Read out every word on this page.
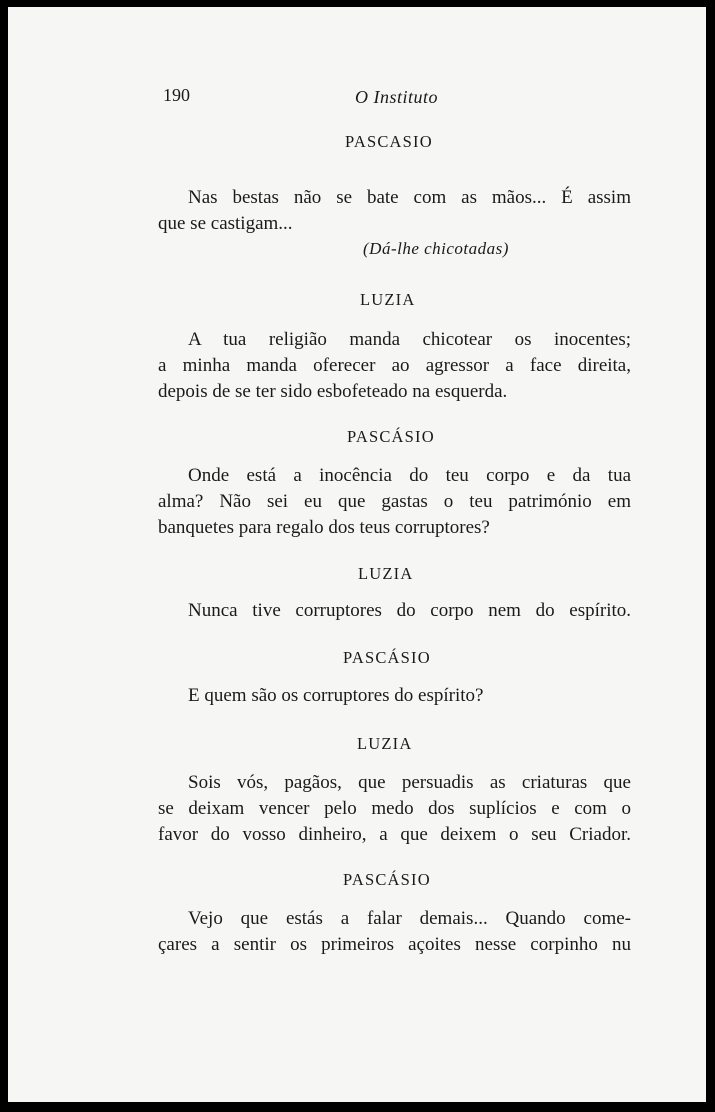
190	O Instituto
PASCASIO
Nas bestas não se bate com as mãos... É assim
que se castigam...
(Dá-lhe chicotadas)
LUZIA
A tua religião manda chicotear os inocentes;
a minha manda oferecer ao agressor a face direita,
depois de se ter sido esbofeteado na esquerda.
PASCÁSIO
Onde está a inocência do teu corpo e da tua
alma? Não sei eu que gastas o teu património em
banquetes para regalo dos teus corruptores?
LUZIA
Nunca tive corruptores do corpo nem do espírito.
PASCÁSIO
E quem são os corruptores do espírito?
LUZIA
Sois vós, pagãos, que persuadis as criaturas que
se deixam vencer pelo medo dos suplícios e com o
favor do vosso dinheiro, a que deixem o seu Criador.
PASCÁSIO
Vejo que estás a falar demais... Quando come-
çares a sentir os primeiros açoites nesse corpinho nu
